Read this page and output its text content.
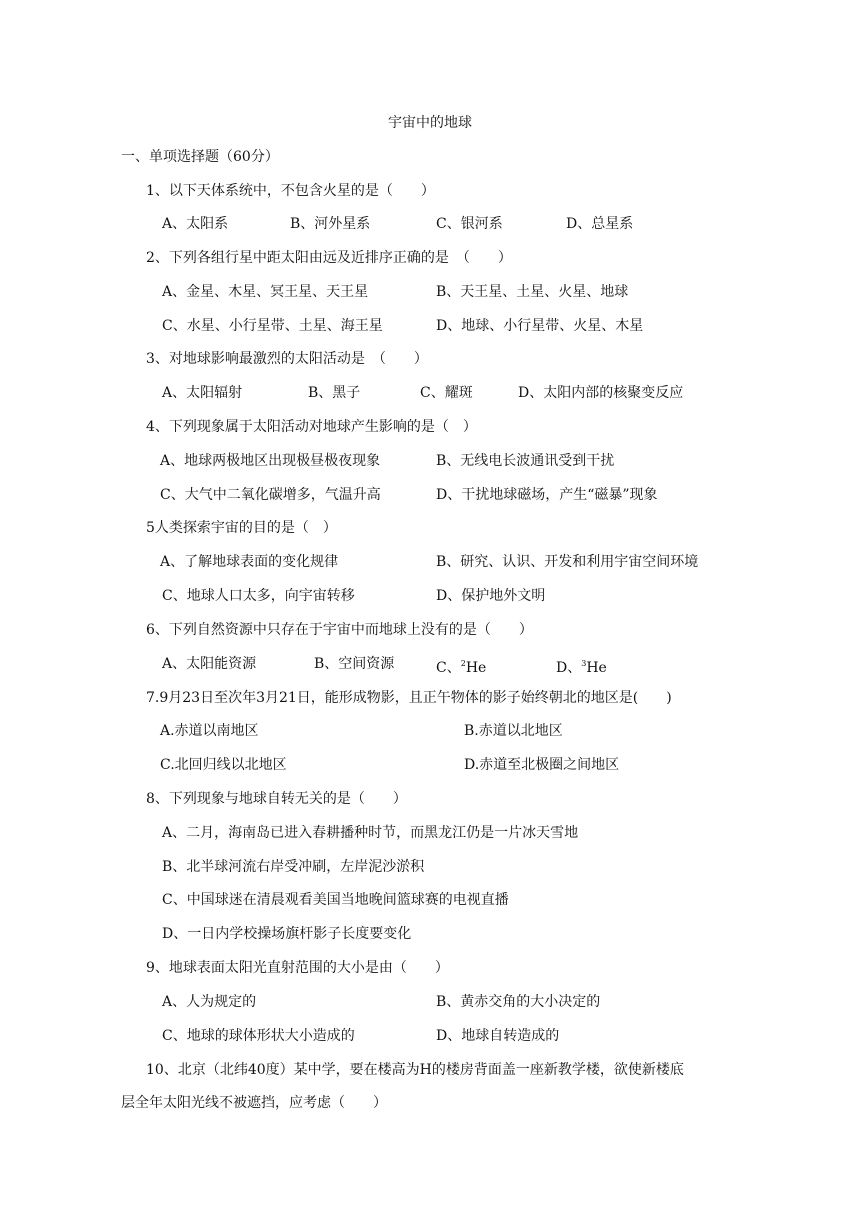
宇宙中的地球
一、单项选择题（60分）
1、以下天体系统中，不包含火星的是（　　）
A、太阳系	B、河外星系	C、银河系	D、总星系
2、下列各组行星中距太阳由远及近排序正确的是　（　　）
A、金星、木星、冥王星、天王星	B、天王星、土星、火星、地球
C、水星、小行星带、土星、海王星	D、地球、小行星带、火星、木星
3、对地球影响最激烈的太阳活动是　（　　）
A、太阳辐射	B、黑子	C、耀斑	D、太阳内部的核聚变反应
4、下列现象属于太阳活动对地球产生影响的是（　）
A、地球两极地区出现极昼极夜现象	B、无线电长波通讯受到干扰
C、大气中二氧化碳增多，气温升高	D、干扰地球磁场，产生“磁暴”现象
5人类探索宇宙的目的是（　）
A、了解地球表面的变化规律	B、研究、认识、开发和利用宇宙空间环境
C、地球人口太多，向宇宙转移	D、保护地外文明
6、下列自然资源中只存在于宇宙中而地球上没有的是（　　）
A、太阳能资源	B、空间资源	C、$^2$He	D、$^3$He
7.9月23日至次年3月21日，能形成物影，且正午物体的影子始终朝北的地区是(　　)
A.赤道以南地区	B.赤道以北地区
C.北回归线以北地区	D.赤道至北极圈之间地区
8、下列现象与地球自转无关的是（　　）
A、二月，海南岛已进入春耕播种时节，而黑龙江仍是一片冰天雪地
B、北半球河流右岸受冲刷，左岸泥沙淤积
C、中国球迷在清晨观看美国当地晚间篮球赛的电视直播
D、一日内学校操场旗杆影子长度要变化
9、地球表面太阳光直射范围的大小是由（　　）
A、人为规定的	B、黄赤交角的大小决定的
C、地球的球体形状大小造成的	D、地球自转造成的
10、北京（北纬40度）某中学，要在楼高为H的楼房背面盖一座新教学楼，欲使新楼底
层全年太阳光线不被遮挡，应考虑（　　）
